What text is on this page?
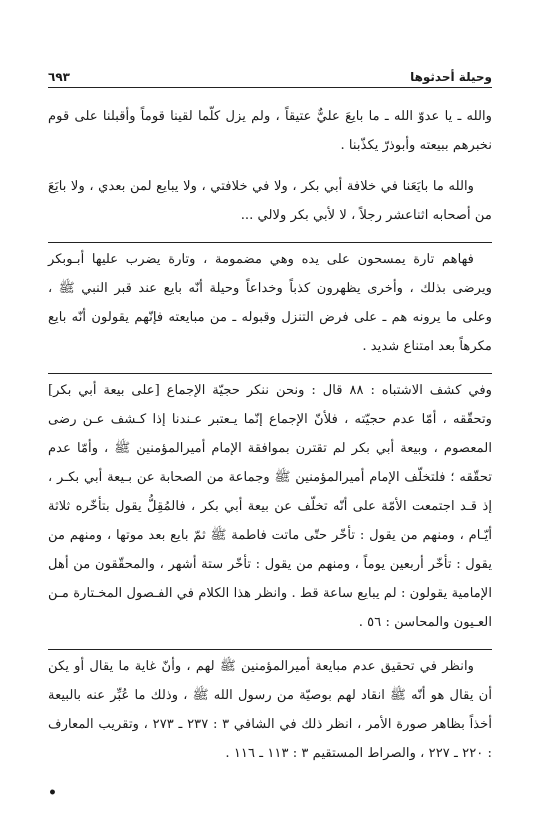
وحيلة أحدثوها
٦٩٣

والله ـ يا عدوّ الله ـ ما بايعَ عليٌّ عتيقاً ، ولم يزل كلّما لقينا قوماً وأقبلنا على قوم نخبرهم ببيعته وأبوذرّ يكذّبنا .

والله ما بايَعَنا في خلافة أبي بكر ، ولا في خلافتي ، ولا يبايع لمن بعدي ، ولا بايَعَ من أصحابه اثناعشر رجلاً ، لا لأبي بكر ولالي ...

فهاهم تارة يمسحون على يده وهي مضمومة ، وتارة يضرب عليها أبـوبكر ويرضى بذلك ، وأخرى يظهرون كذباً وخداعاً وحيلة أنّه بايع عند قبر النبي ﷺ ، وعلى ما يرونه هم ـ على فرض التنزل وقبوله ـ من مبايعته فإنّهم يقولون أنّه بايع مكرهاً بعد امتناع شديد .

وفي كشف الاشتباه : ٨٨ قال : ونحن ننكر حجيّة الإجماع [على بيعة أبي بكر] وتحقّقه ، أمّا عدم حجيّته ، فلأنّ الإجماع إنّما يـعتبر عـندنا إذا كـشف عـن رضى المعصوم ، وبيعة أبي بكر لم تقترن بموافقة الإمام أميرالمؤمنين ﷺ ، وأمّا عدم تحقّقه ؛ فلتخلّف الإمام أميرالمؤمنين ﷺ وجماعة من الصحابة عن بـيعة أبي بكـر ، إذ قـد اجتمعت الأمّة على أنّه تخلّف عن بيعة أبي بكر ، فالمُقِلُّ يقول بتأخّره ثلاثة أيّـام ، ومنهم من يقول : تأخّر حتّى ماتت فاطمة ﷺ ثمّ بايع بعد موتها ، ومنهم من يقول : تأخّر أربعين يوماً ، ومنهم من يقول : تأخّر ستة أشهر ، والمحقّقون من أهل الإمامية يقولون : لم يبايع ساعة قط . وانظر هذا الكلام في الفـصول المخـتارة مـن العـيون والمحاسن : ٥٦ .

وانظر في تحقيق عدم مبايعة أميرالمؤمنين ﷺ لهم ، وأنّ غاية ما يقال أو يكن أن يقال هو أنّه ﷺ انقاد لهم بوصيّة من رسول الله ﷺ ، وذلك ما عُبِّر عنه بالبيعة أخذاً بظاهر صورة الأمر ، انظر ذلك في الشافي ٣ : ٢٣٧ ـ ٢٧٣ ، وتقريب المعارف : ٢٢٠ ـ ٢٢٧ ، والصراط المستقيم ٣ : ١١٣ ـ ١١٦ .

•
